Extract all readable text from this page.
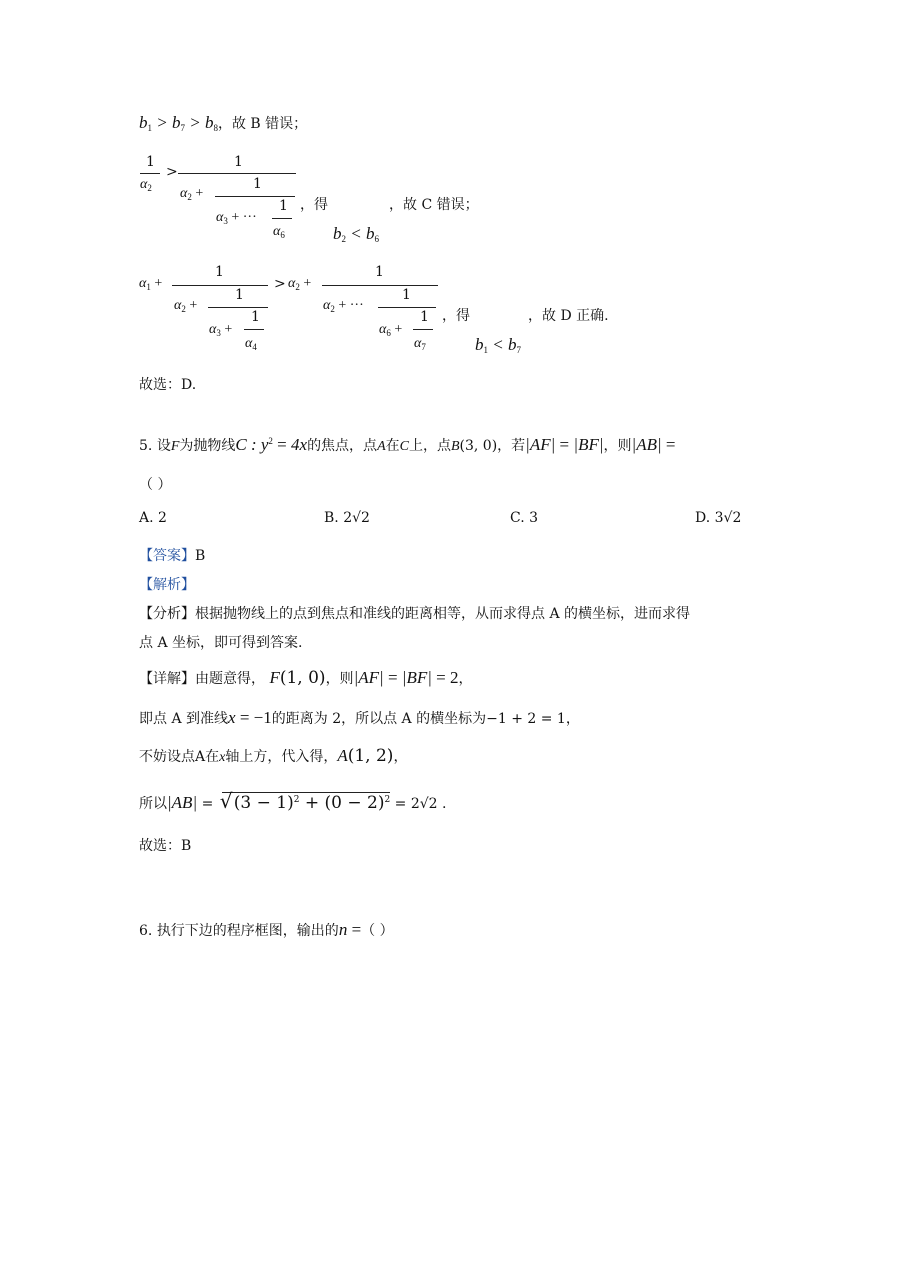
$b_1 > b_7 > b_8$，故 B 错误；
1
$\alpha_2$
>
1
$\alpha_2$ +
1
$\alpha_3$ + ···
1
$\alpha_6$
，得	，故 C 错误；
$b_2 < b_6$
$\alpha_1$ +
1
$\alpha_2$ +
1
$\alpha_3$ +
1
$\alpha_4$
> $\alpha_2$ +
1
$\alpha_2$ + ···
1
$\alpha_6$ +
1
$\alpha_7$
，得	，故 D 正确.
$b_1 < b_7$
故选：D.
5. 设F为抛物线C : $y^2 = 4x$的焦点，点A在C上，点B(3, 0)，若|AF| = |BF|，则|AB| =
（ ）
A. 2	B. 2√2	C. 3	D. 3√2
【答案】B
【解析】
【分析】根据抛物线上的点到焦点和准线的距离相等，从而求得点 A 的横坐标，进而求得
点 A 坐标，即可得到答案.
【详解】由题意得， F(1, 0)，则|AF| = |BF| = 2，
即点 A 到准线x = −1的距离为 2，所以点 A 的横坐标为−1 + 2 = 1，
不妨设点A在x轴上方，代入得，A(1, 2)，
所以|AB| = √ $(3 - 1)^2 + (0 - 2)^2 = 2√2$ .
故选：B
6. 执行下边的程序框图，输出的n =（ ）
